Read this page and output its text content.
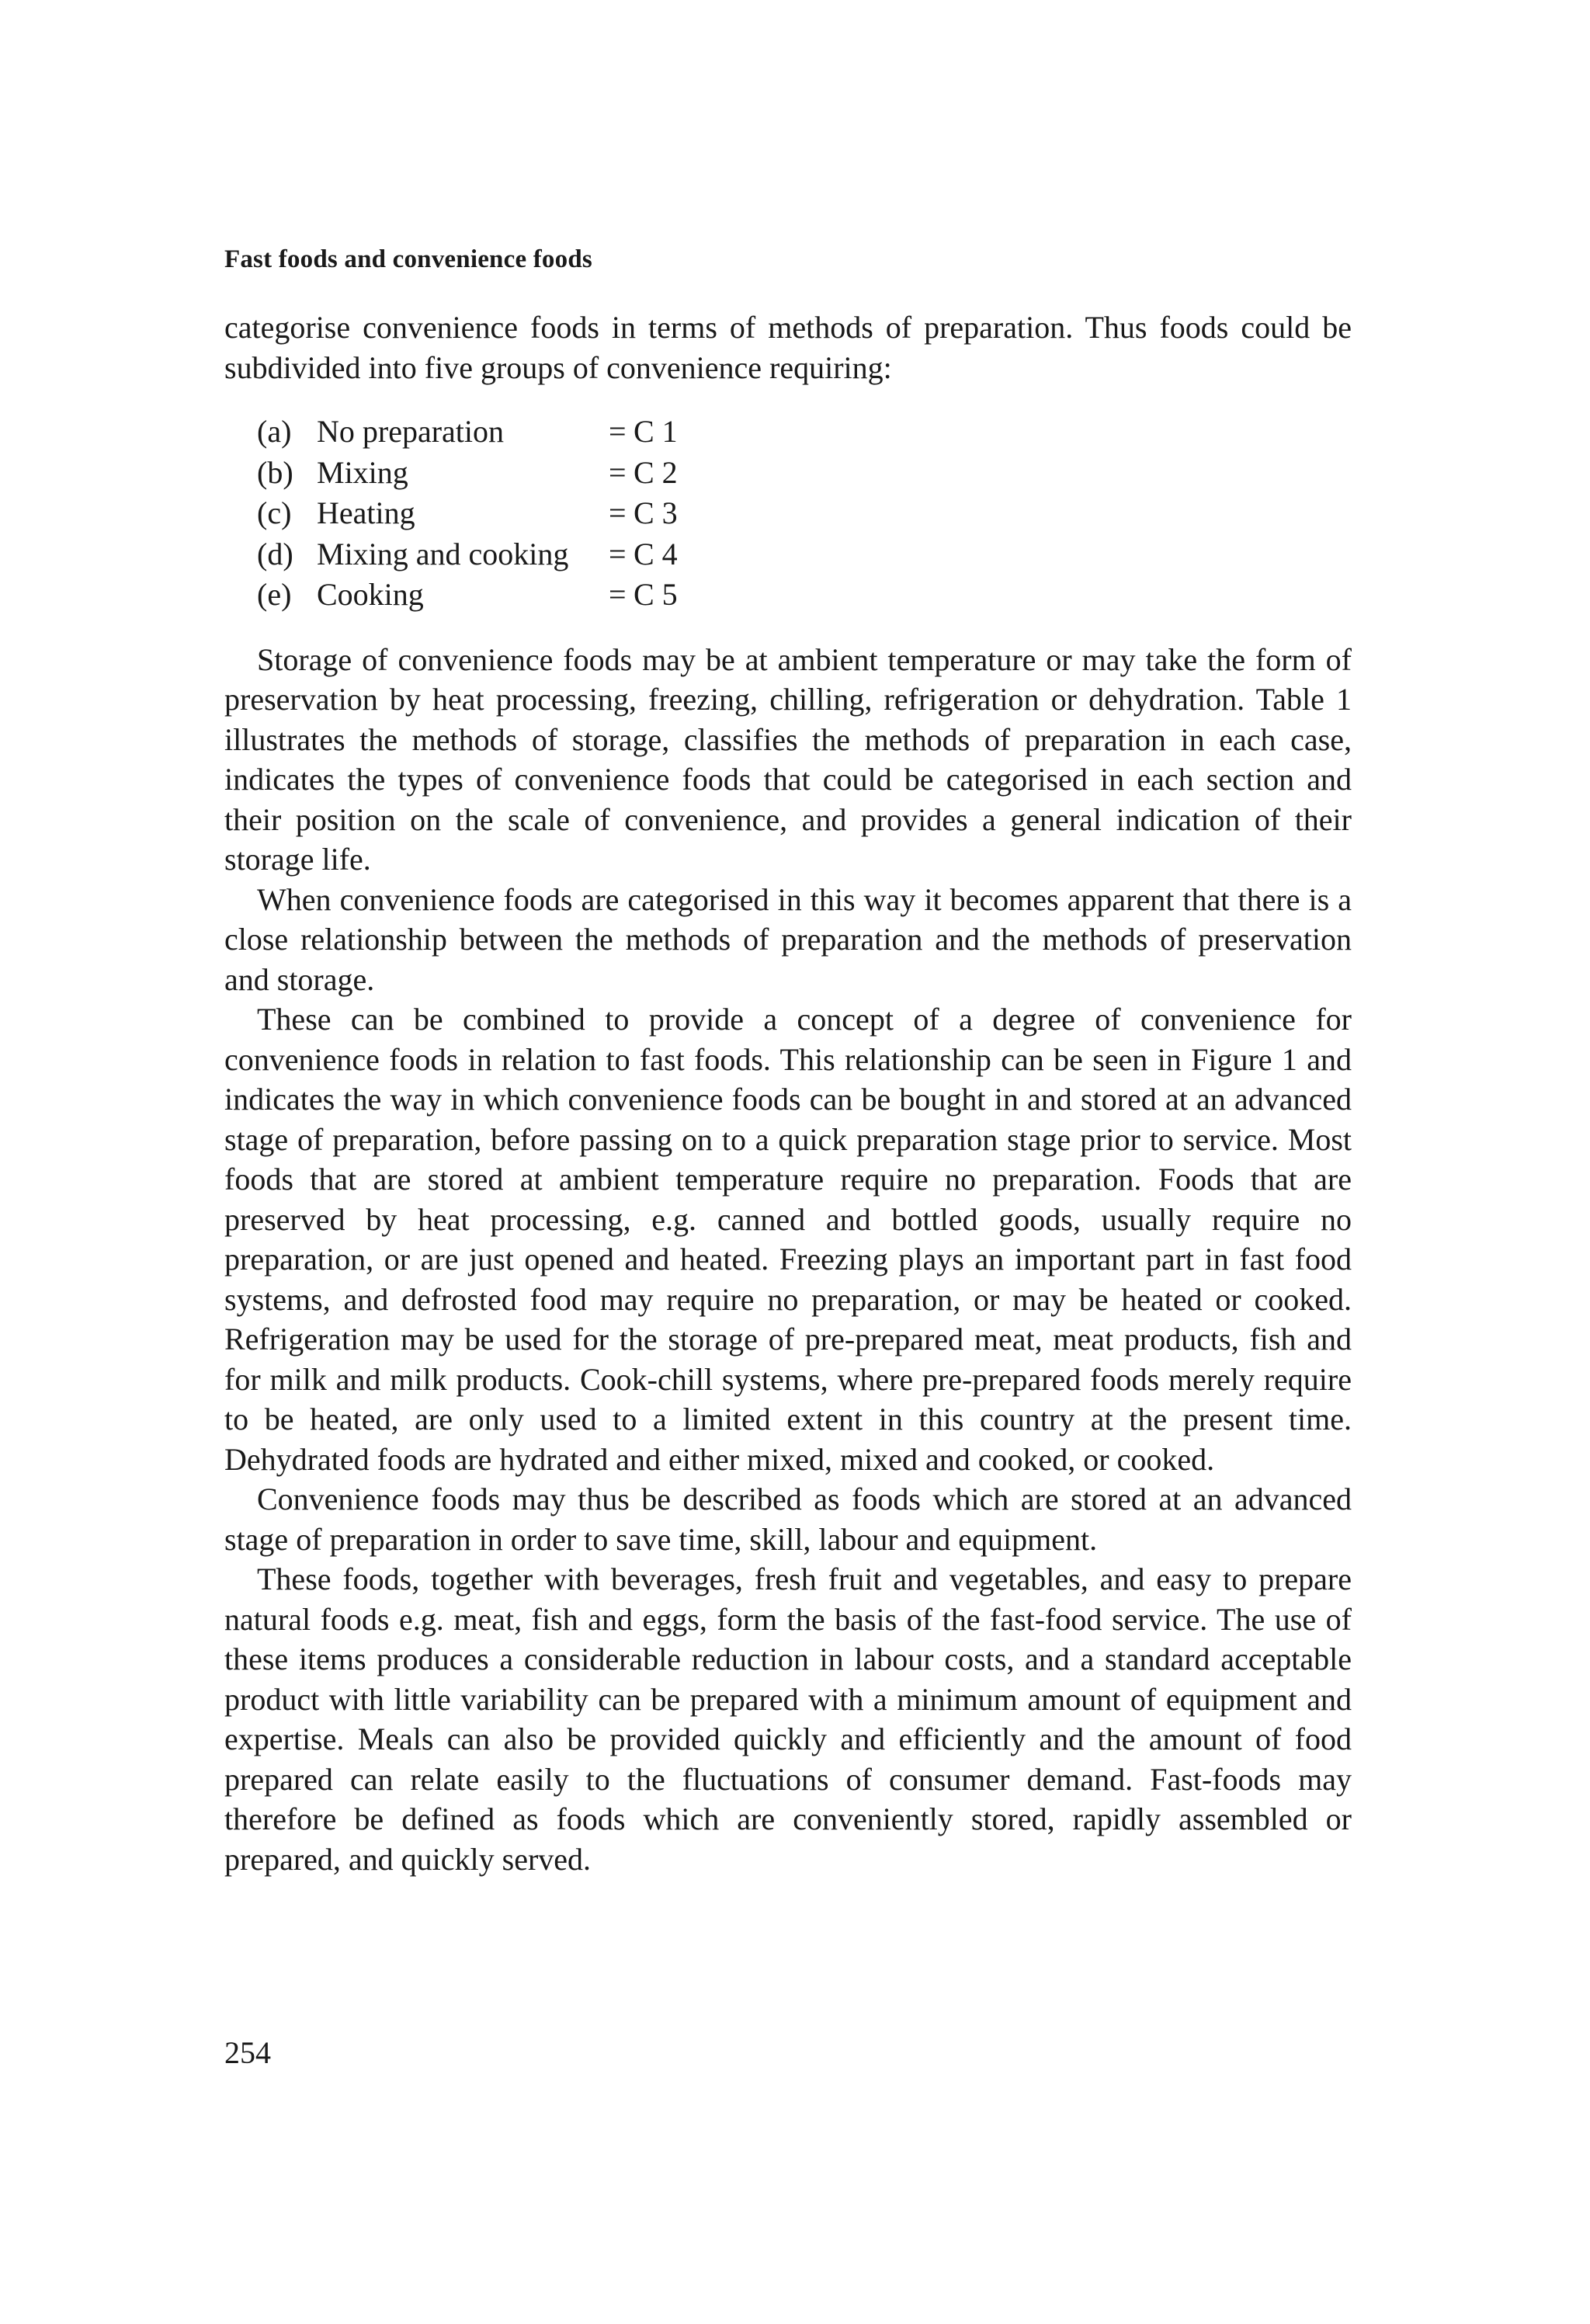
Fast foods and convenience foods

categorise convenience foods in terms of methods of preparation. Thus foods could be subdivided into five groups of convenience requiring:

(a) No preparation	= C 1
(b) Mixing	= C 2
(c) Heating	= C 3
(d) Mixing and cooking	= C 4
(e) Cooking	= C 5

Storage of convenience foods may be at ambient temperature or may take the form of preservation by heat processing, freezing, chilling, refrigeration or dehydration. Table 1 illustrates the methods of storage, classifies the methods of preparation in each case, indicates the types of convenience foods that could be categorised in each section and their position on the scale of convenience, and provides a general indication of their storage life.

When convenience foods are categorised in this way it becomes apparent that there is a close relationship between the methods of preparation and the methods of preservation and storage.

These can be combined to provide a concept of a degree of convenience for convenience foods in relation to fast foods. This relationship can be seen in Figure 1 and indicates the way in which convenience foods can be bought in and stored at an advanced stage of preparation, before passing on to a quick preparation stage prior to service. Most foods that are stored at ambient temperature require no preparation. Foods that are preserved by heat processing, e.g. canned and bottled goods, usually require no preparation, or are just opened and heated. Freezing plays an important part in fast food systems, and defrosted food may require no preparation, or may be heated or cooked. Refrigeration may be used for the storage of pre-prepared meat, meat products, fish and for milk and milk products. Cook-chill systems, where pre-prepared foods merely require to be heated, are only used to a limited extent in this country at the present time. Dehydrated foods are hydrated and either mixed, mixed and cooked, or cooked.

Convenience foods may thus be described as foods which are stored at an advanced stage of preparation in order to save time, skill, labour and equipment.

These foods, together with beverages, fresh fruit and vegetables, and easy to prepare natural foods e.g. meat, fish and eggs, form the basis of the fast-food service. The use of these items produces a considerable reduction in labour costs, and a standard acceptable product with little variability can be prepared with a minimum amount of equipment and expertise. Meals can also be provided quickly and efficiently and the amount of food prepared can relate easily to the fluctuations of consumer demand. Fast-foods may therefore be defined as foods which are conveniently stored, rapidly assembled or prepared, and quickly served.

254
